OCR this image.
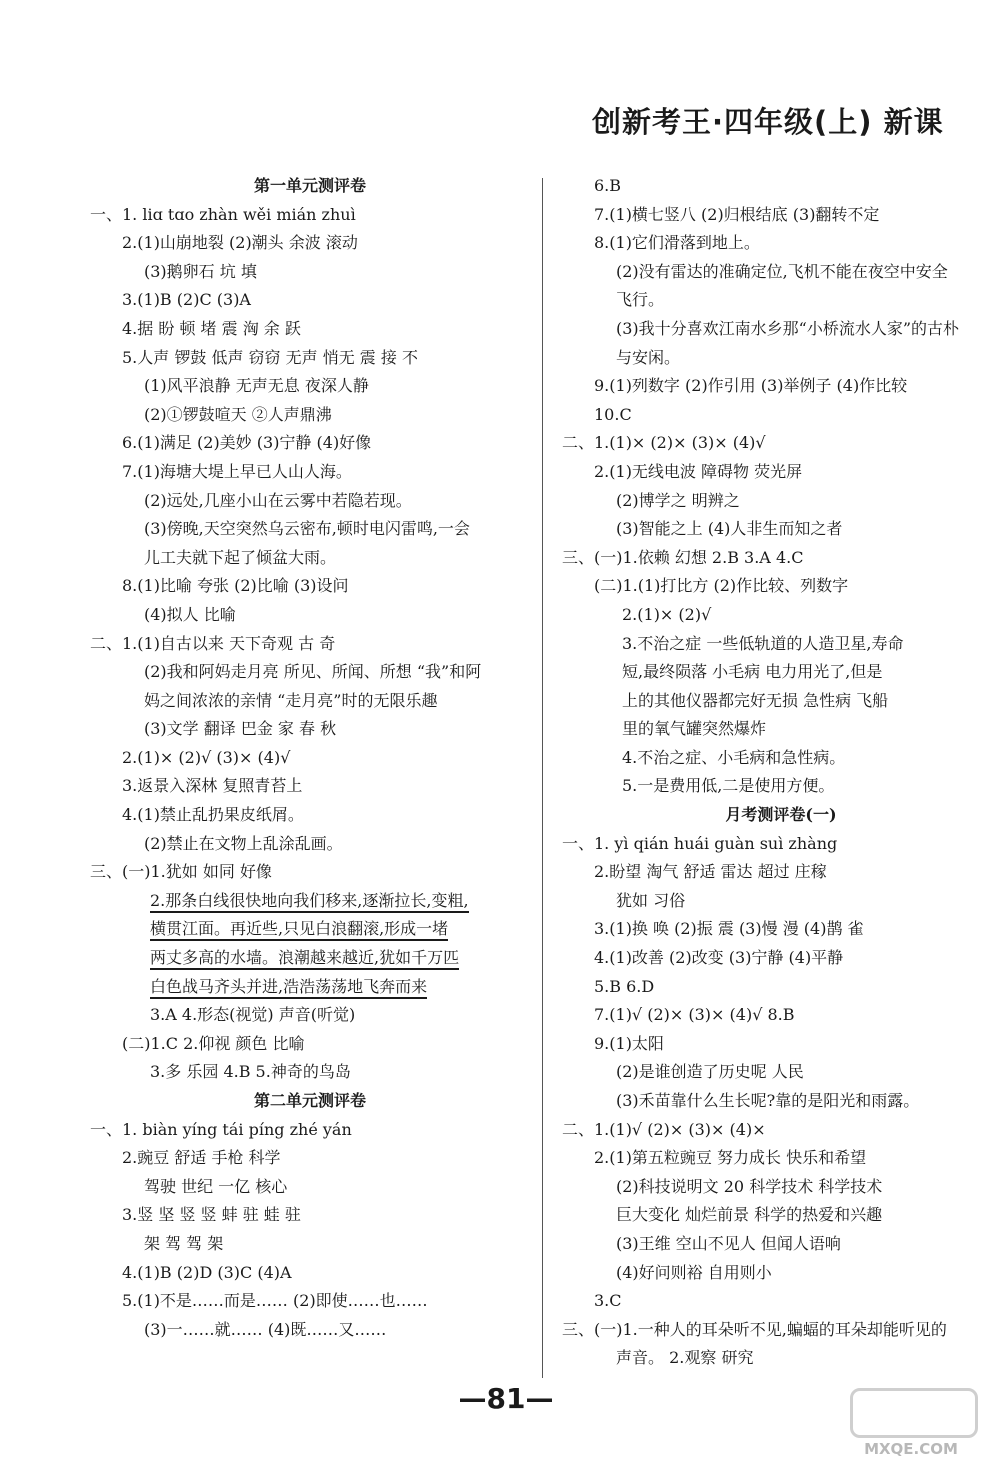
创新考王·四年级(上) 新课
第一单元测评卷
一、1. liɑ tɑo zhàn wěi mián zhuì
2.(1)山崩地裂 (2)潮头 余波 滚动
(3)鹅卵石 坑 填
3.(1)B (2)C (3)A
4.据 盼 顿 堵 震 洶 余 跃
5.人声 锣鼓 低声 窃窃 无声 悄无 震 接 不
(1)风平浪静 无声无息 夜深人静
(2)①锣鼓喧天 ②人声鼎沸
6.(1)满足 (2)美妙 (3)宁静 (4)好像
7.(1)海塘大堤上早已人山人海。
(2)远处,几座小山在云雾中若隐若现。
(3)傍晚,天空突然乌云密布,顿时电闪雷鸣,一会
儿工夫就下起了倾盆大雨。
8.(1)比喻 夸张 (2)比喻 (3)设问
(4)拟人 比喻
二、1.(1)自古以来 天下奇观 古 奇
(2)我和阿妈走月亮 所见、所闻、所想 “我”和阿
妈之间浓浓的亲情 “走月亮”时的无限乐趣
(3)文学 翻译 巴金 家 春 秋
2.(1)× (2)√ (3)× (4)√
3.返景入深林 复照青苔上
4.(1)禁止乱扔果皮纸屑。
(2)禁止在文物上乱涂乱画。
三、(一)1.犹如 如同 好像
2.那条白线很快地向我们移来,逐渐拉长,变粗,
横贯江面。再近些,只见白浪翻滚,形成一堵
两丈多高的水墙。浪潮越来越近,犹如千万匹
白色战马齐头并进,浩浩荡荡地飞奔而来
3.A 4.形态(视觉) 声音(听觉)
(二)1.C 2.仰视 颜色 比喻
3.多 乐园 4.B 5.神奇的鸟岛
第二单元测评卷
一、1. biàn yíng tái píng zhé yán
2.豌豆 舒适 手枪 科学
驾驶 世纪 一亿 核心
3.竖 坚 竖 竖 蚌 驻 蛙 驻
架 驾 驾 架
4.(1)B (2)D (3)C (4)A
5.(1)不是……而是…… (2)即使……也……
(3)一……就…… (4)既……又……
6.B
7.(1)横七竖八 (2)归根结底 (3)翻转不定
8.(1)它们滑落到地上。
(2)没有雷达的准确定位,飞机不能在夜空中安全
飞行。
(3)我十分喜欢江南水乡那“小桥流水人家”的古朴
与安闲。
9.(1)列数字 (2)作引用 (3)举例子 (4)作比较
10.C
二、1.(1)× (2)× (3)× (4)√
2.(1)无线电波 障碍物 荧光屏
(2)博学之 明辨之
(3)智能之上 (4)人非生而知之者
三、(一)1.依赖 幻想 2.B 3.A 4.C
(二)1.(1)打比方 (2)作比较、列数字
2.(1)× (2)√
3.不治之症 一些低轨道的人造卫星,寿命
短,最终陨落 小毛病 电力用光了,但是
上的其他仪器都完好无损 急性病 飞船
里的氧气罐突然爆炸
4.不治之症、小毛病和急性病。
5.一是费用低,二是使用方便。
月考测评卷(一)
一、1. yì qián huái guàn suì zhàng
2.盼望 淘气 舒适 雷达 超过 庄稼
犹如 习俗
3.(1)换 唤 (2)振 震 (3)慢 漫 (4)鹊 雀
4.(1)改善 (2)改变 (3)宁静 (4)平静
5.B 6.D
7.(1)√ (2)× (3)× (4)√ 8.B
9.(1)太阳
(2)是谁创造了历史呢 人民
(3)禾苗靠什么生长呢?靠的是阳光和雨露。
二、1.(1)√ (2)× (3)× (4)×
2.(1)第五粒豌豆 努力成长 快乐和希望
(2)科技说明文 20 科学技术 科学技术
巨大变化 灿烂前景 科学的热爱和兴趣
(3)王维 空山不见人 但闻人语响
(4)好问则裕 自用则小
3.C
三、(一)1.一种人的耳朵听不见,蝙蝠的耳朵却能听见的
声音。 2.观察 研究
—81—
MXQE.COM
